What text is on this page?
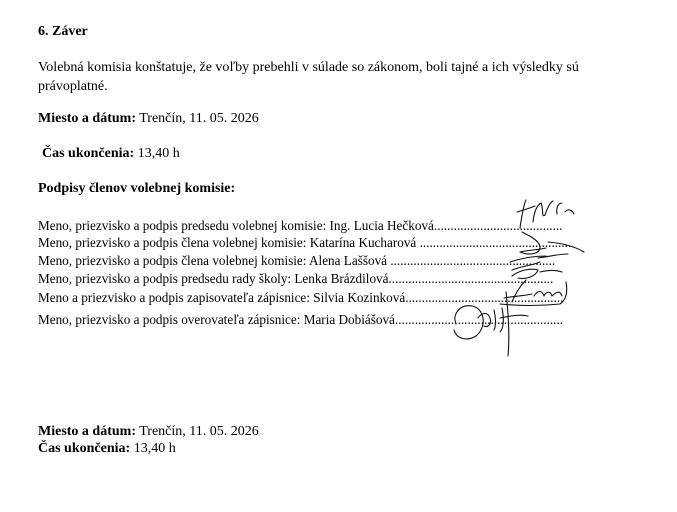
6. Záver
Volebná komisia konštatuje, že voľby prebehli v súlade so zákonom, boli tajné a ich výsledky sú právoplatné.
Miesto a dátum: Trenčín, 11. 05. 2026
Čas ukončenia: 13,40 h
Podpisy členov volebnej komisie:
Meno, priezvisko a podpis predsedu volebnej komisie: Ing. Lucia Hečková.......................................
Meno, priezvisko a podpis člena volebnej komisie: Katarína Kucharová ..............................................
Meno, priezvisko a podpis člena volebnej komisie: Alena Laššová ..................................................
Meno, priezvisko a podpis predsedu rady školy: Lenka Brázdilová..................................................
Meno a priezvisko a podpis zapisovateľa zápisnice: Silvia Kozinková................................................
Meno, priezvisko a podpis overovateľa zápisnice: Maria Dobiášová...................................................
Miesto a dátum: Trenčín, 11. 05. 2026
Čas ukončenia: 13,40 h
